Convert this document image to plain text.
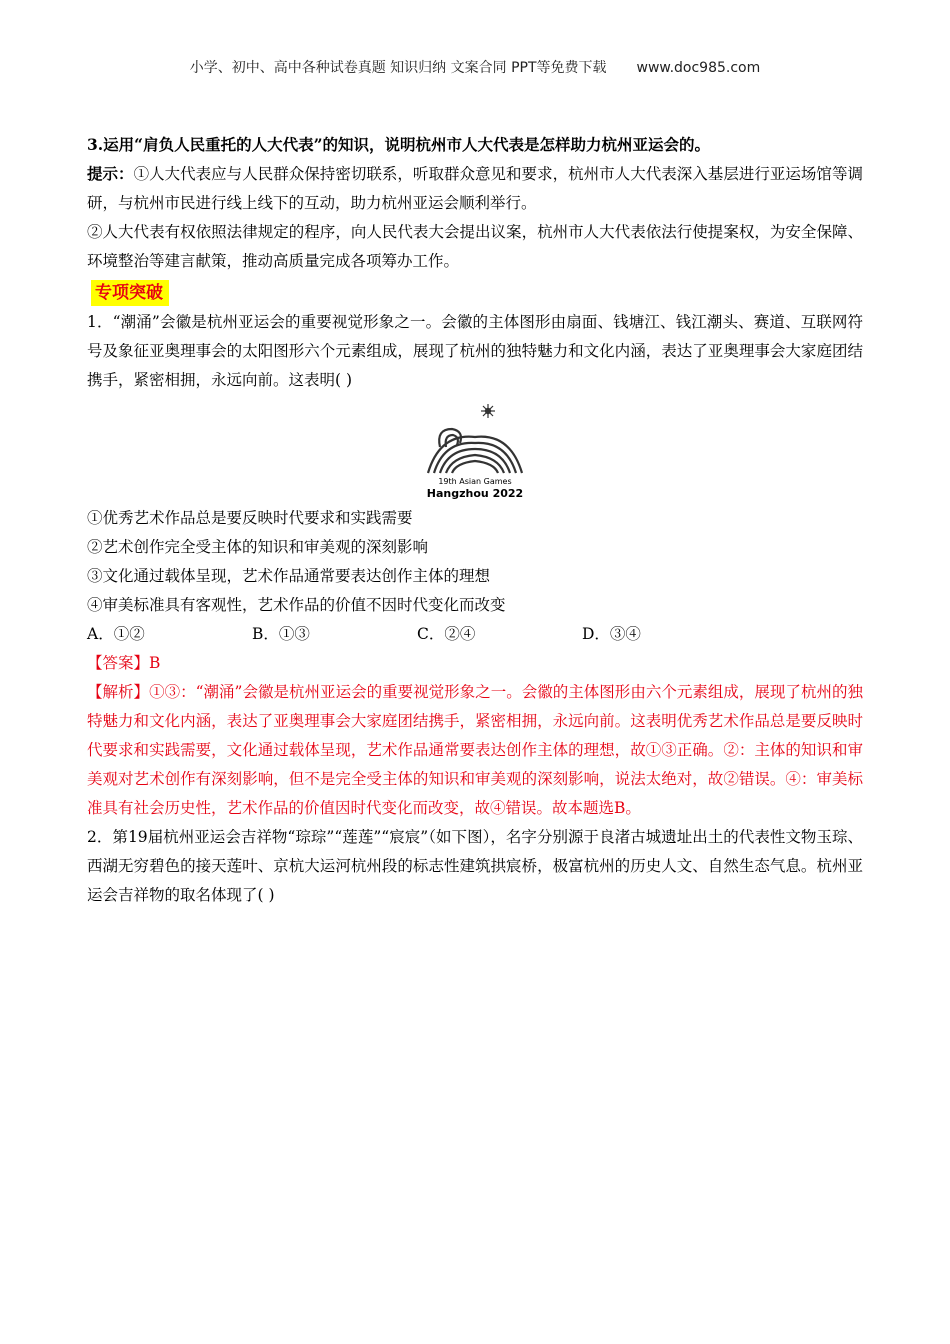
小学、初中、高中各种试卷真题 知识归纳 文案合同 PPT等免费下载 www.doc985.com

3.运用“肩负人民重托的人大代表”的知识，说明杭州市人大代表是怎样助力杭州亚运会的。

提示：①人大代表应与人民群众保持密切联系，听取群众意见和要求，杭州市人大代表深入基层进行亚运场馆等调研，与杭州市民进行线上线下的互动，助力杭州亚运会顺利举行。

②人大代表有权依照法律规定的程序，向人民代表大会提出议案，杭州市人大代表依法行使提案权，为安全保障、环境整治等建言献策，推动高质量完成各项筹办工作。

专项突破

1．“潮涌”会徽是杭州亚运会的重要视觉形象之一。会徽的主体图形由扇面、钱塘江、钱江潮头、赛道、互联网符号及象征亚奥理事会的太阳图形六个元素组成，展现了杭州的独特魅力和文化内涵，表达了亚奥理事会大家庭团结携手，紧密相拥，永远向前。这表明( )

19th Asian Games
Hangzhou 2022

①优秀艺术作品总是要反映时代要求和实践需要

②艺术创作完全受主体的知识和审美观的深刻影响

③文化通过载体呈现，艺术作品通常要表达创作主体的理想

④审美标准具有客观性，艺术作品的价值不因时代变化而改变

A．①②	B．①③	C．②④	D．③④

【答案】B

【解析】①③：“潮涌”会徽是杭州亚运会的重要视觉形象之一。会徽的主体图形由六个元素组成，展现了杭州的独特魅力和文化内涵，表达了亚奥理事会大家庭团结携手，紧密相拥，永远向前。这表明优秀艺术作品总是要反映时代要求和实践需要，文化通过载体呈现，艺术作品通常要表达创作主体的理想，故①③正确。②：主体的知识和审美观对艺术创作有深刻影响，但不是完全受主体的知识和审美观的深刻影响，说法太绝对，故②错误。④：审美标准具有社会历史性，艺术作品的价值因时代变化而改变，故④错误。故本题选B。

2．第19届杭州亚运会吉祥物“琮琮”“莲莲”“宸宸”（如下图），名字分别源于良渚古城遗址出土的代表性文物玉琮、西湖无穷碧色的接天莲叶、京杭大运河杭州段的标志性建筑拱宸桥，极富杭州的历史人文、自然生态气息。杭州亚运会吉祥物的取名体现了( )
